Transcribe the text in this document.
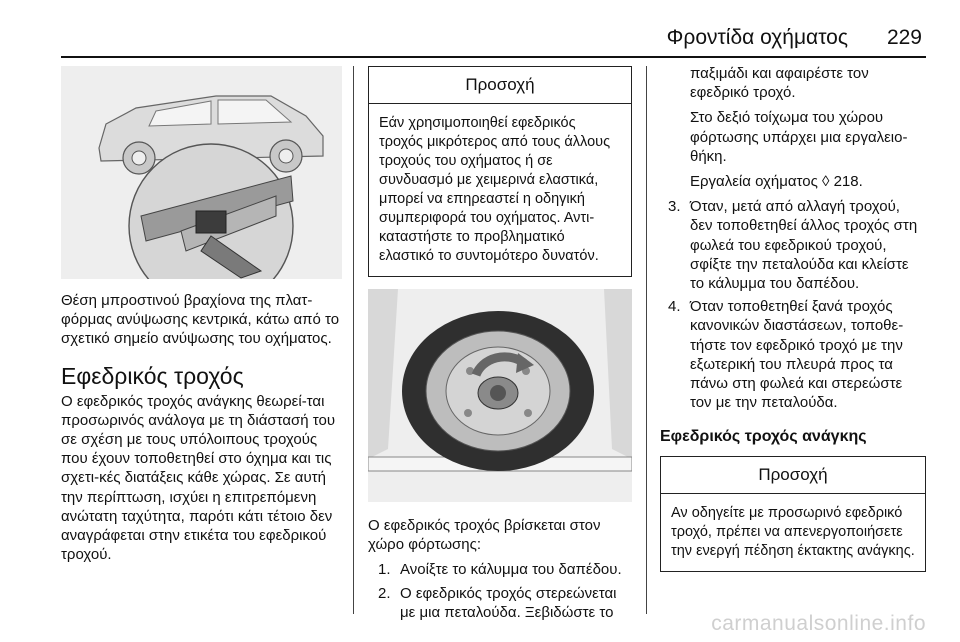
Φροντίδα οχήματος 229

Θέση μπροστινού βραχίονα της πλατ-φόρμας ανύψωσης κεντρικά, κάτω από το σχετικό σημείο ανύψωσης του οχήματος.

Εφεδρικός τροχός

Ο εφεδρικός τροχός ανάγκης θεωρεί-ται προσωρινός ανάλογα με τη διάστασή του σε σχέση με τους υπόλοιπους τροχούς που έχουν τοποθετηθεί στο όχημα και τις σχετι-κές διατάξεις κάθε χώρας. Σε αυτή την περίπτωση, ισχύει η επιτρεπόμενη ανώτατη ταχύτητα, παρότι κάτι τέτοιο δεν αναγράφεται στην ετικέτα του εφεδρικού τροχού.

Προσοχή
Εάν χρησιμοποιηθεί εφεδρικός τροχός μικρότερος από τους άλλους τροχούς του οχήματος ή σε συνδυασμό με χειμερινά ελαστικά, μπορεί να επηρεαστεί η οδηγική συμπεριφορά του οχήματος. Αντι-καταστήστε το προβληματικό ελαστικό το συντομότερο δυνατόν.

Ο εφεδρικός τροχός βρίσκεται στον χώρο φόρτωσης:

1. Ανοίξτε το κάλυμμα του δαπέδου.
2. Ο εφεδρικός τροχός στερεώνεται με μια πεταλούδα. Ξεβιδώστε το

παξιμάδι και αφαιρέστε τον εφεδρικό τροχό.

Στο δεξιό τοίχωμα του χώρου φόρτωσης υπάρχει μια εργαλειο-θήκη.

Εργαλεία οχήματος ◊ 218.

3. Όταν, μετά από αλλαγή τροχού, δεν τοποθετηθεί άλλος τροχός στη φωλεά του εφεδρικού τροχού, σφίξτε την πεταλούδα και κλείστε το κάλυμμα του δαπέδου.
4. Όταν τοποθετηθεί ξανά τροχός κανονικών διαστάσεων, τοποθε-τήστε τον εφεδρικό τροχό με την εξωτερική του πλευρά προς τα πάνω στη φωλεά και στερεώστε τον με την πεταλούδα.
Εφεδρικός τροχός ανάγκης
Προσοχή
Αν οδηγείτε με προσωρινό εφεδρικό τροχό, πρέπει να απενεργοποιήσετε την ενεργή πέδηση έκτακτης ανάγκης.
carmanualsonline.info
